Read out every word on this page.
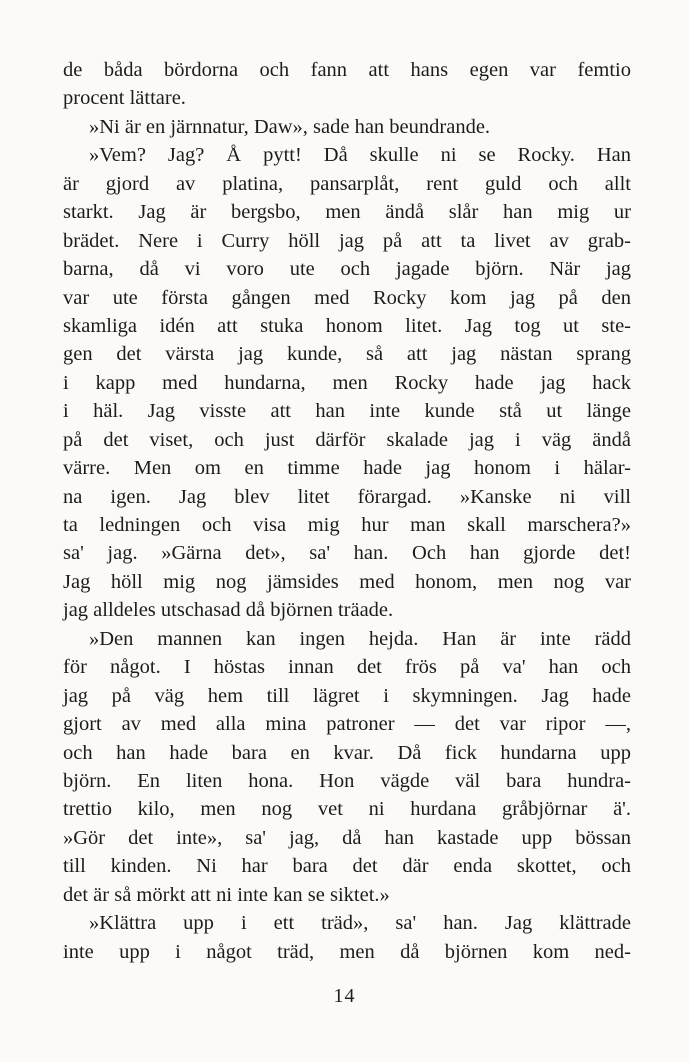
de båda bördorna och fann att hans egen var femtio
procent lättare.
»Ni är en järnnatur, Daw», sade han beundrande.
»Vem? Jag? Å pytt! Då skulle ni se Rocky. Han
är gjord av platina, pansarplåt, rent guld och allt
starkt. Jag är bergsbo, men ändå slår han mig ur
brädet. Nere i Curry höll jag på att ta livet av grab-
barna, då vi voro ute och jagade björn. När jag
var ute första gången med Rocky kom jag på den
skamliga idén att stuka honom litet. Jag tog ut ste-
gen det värsta jag kunde, så att jag nästan sprang
i kapp med hundarna, men Rocky hade jag hack
i häl. Jag visste att han inte kunde stå ut länge
på det viset, och just därför skalade jag i väg ändå
värre. Men om en timme hade jag honom i hälar-
na igen. Jag blev litet förargad. »Kanske ni vill
ta ledningen och visa mig hur man skall marschera?»
sa' jag. »Gärna det», sa' han. Och han gjorde det!
Jag höll mig nog jämsides med honom, men nog var
jag alldeles utschasad då björnen träade.
»Den mannen kan ingen hejda. Han är inte rädd
för något. I höstas innan det frös på va' han och
jag på väg hem till lägret i skymningen. Jag hade
gjort av med alla mina patroner — det var ripor —,
och han hade bara en kvar. Då fick hundarna upp
björn. En liten hona. Hon vägde väl bara hundra-
trettio kilo, men nog vet ni hurdana gråbjörnar ä'.
»Gör det inte», sa' jag, då han kastade upp bössan
till kinden. Ni har bara det där enda skottet, och
det är så mörkt att ni inte kan se siktet.»
»Klättra upp i ett träd», sa' han. Jag klättrade
inte upp i något träd, men då björnen kom ned-
14
